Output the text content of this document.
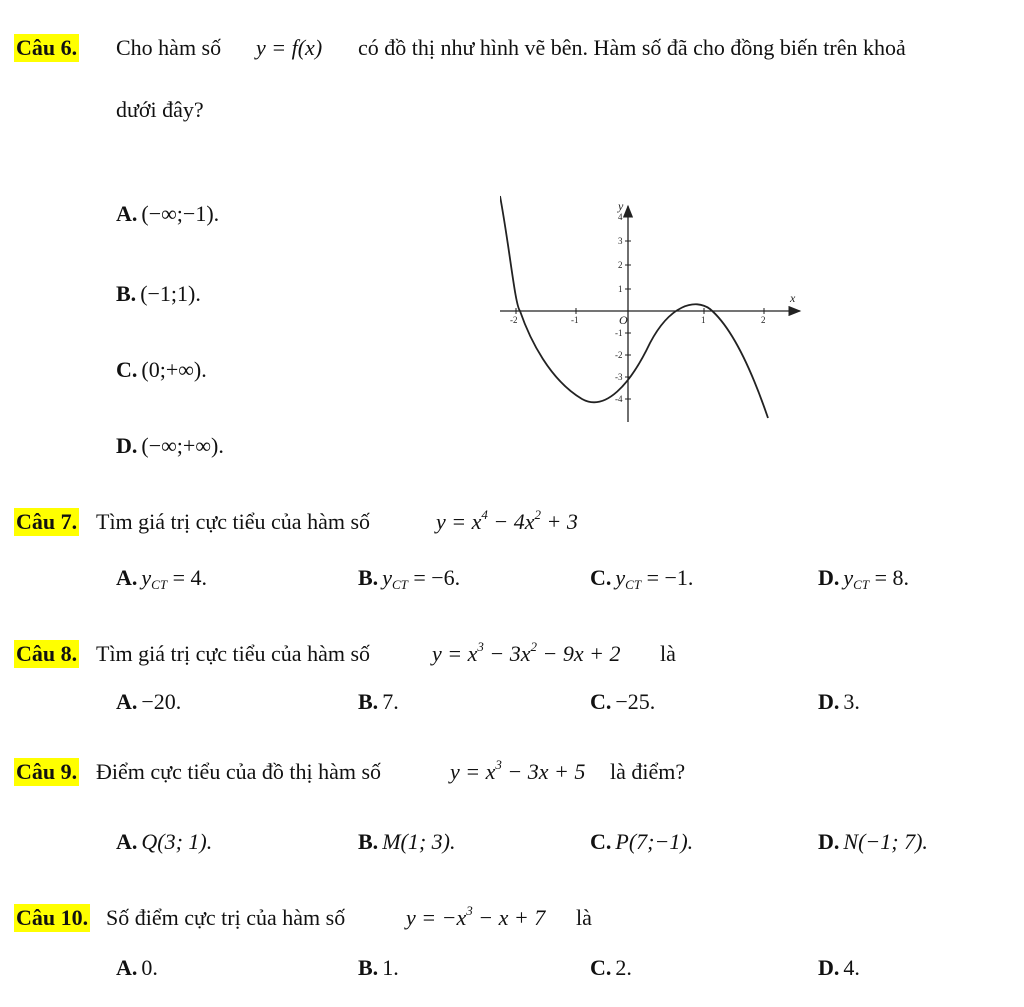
Câu 6. Cho hàm số y = f(x) có đồ thị như hình vẽ bên. Hàm số đã cho đồng biến trên khoả
dưới đây?
A. (−∞;−1).
B. (−1;1).
C. (0;+∞).
D. (−∞;+∞).
-2	-1	1	2
4
3
2
1
-1
-2
-3
-4
y
x
O
Câu 7. Tìm giá trị cực tiểu của hàm số	$y = x^4 - 4x^2 + 3$
A. $y_{CT} = 4$.	B. $y_{CT} = -6$.	C. $y_{CT} = -1$.	D. $y_{CT} = 8$.
Câu 8. Tìm giá trị cực tiểu của hàm số	$y = x^3 - 3x^2 - 9x + 2$ là
A. −20.	B. 7.	C. −25.	D. 3.
Câu 9. Điểm cực tiểu của đồ thị hàm số	$y = x^3 - 3x + 5$ là điểm?
A. Q(3; 1).	B. M(1; 3).	C. P(7;−1).	D. N(−1; 7).
Câu 10. Số điểm cực trị của hàm số	$y = -x^3 - x + 7$ là
A. 0.	B. 1.	C. 2.	D. 4.
